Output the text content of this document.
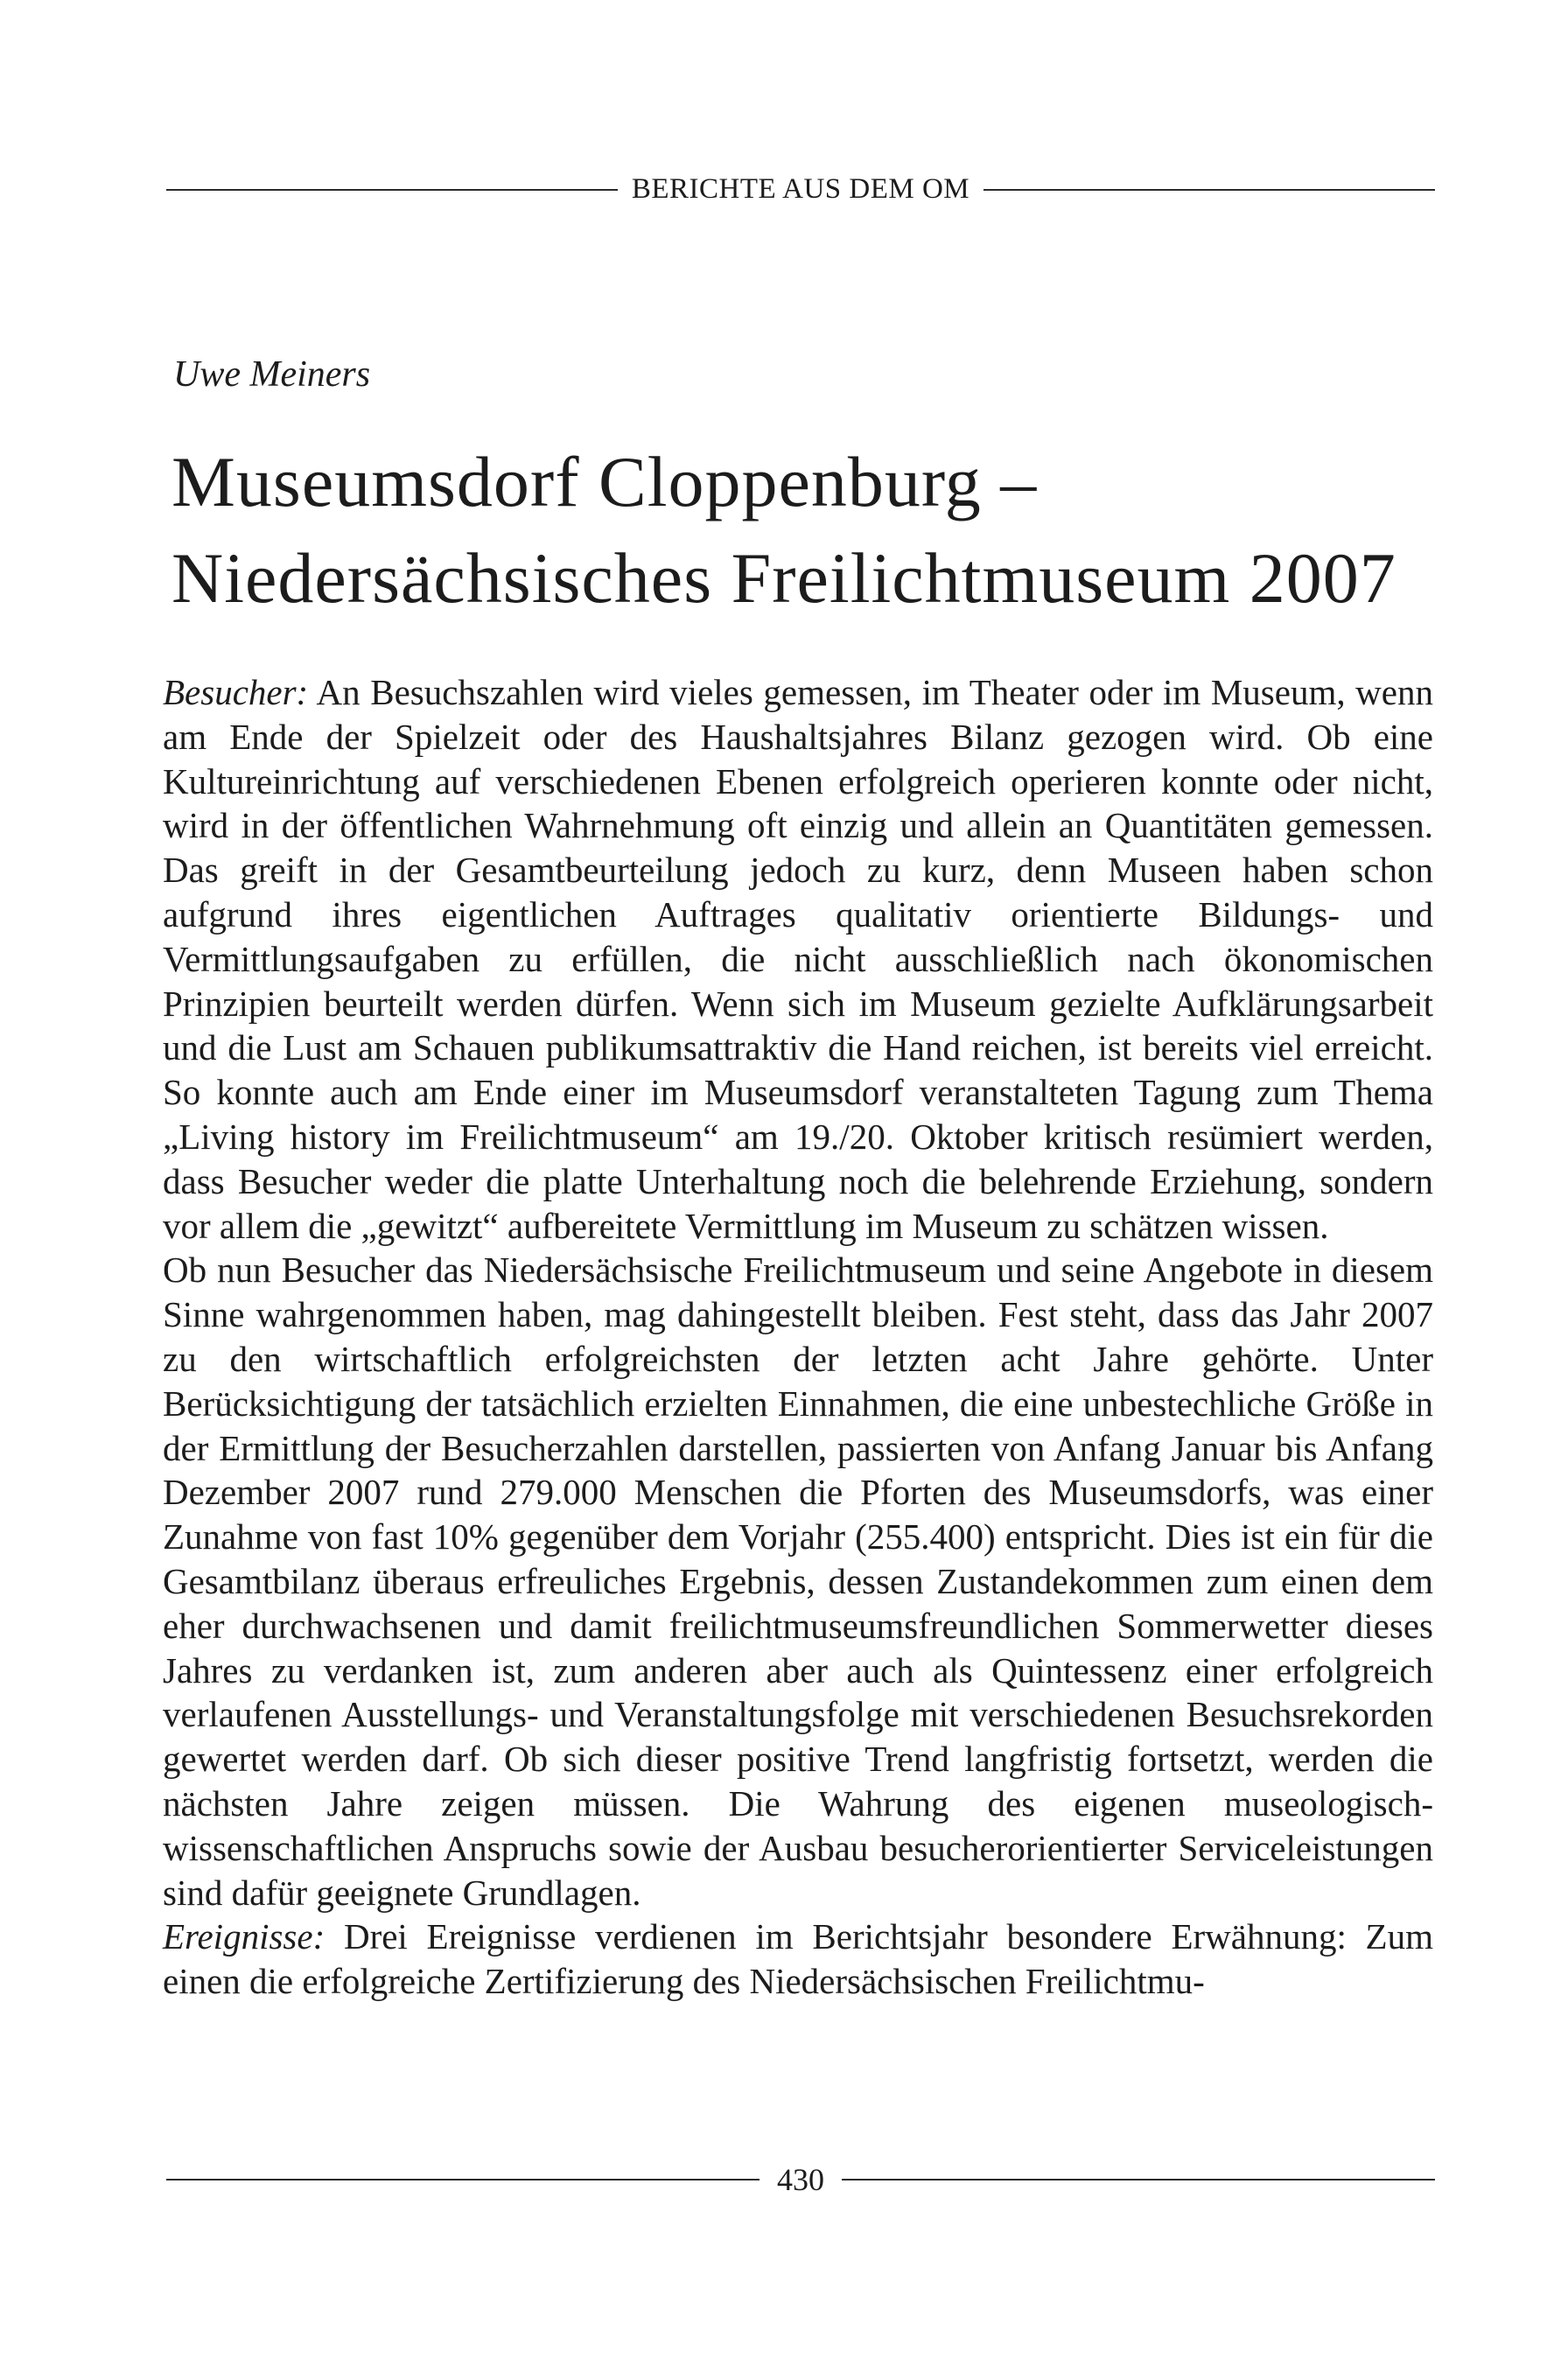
BERICHTE AUS DEM OM
Uwe Meiners
Museumsdorf Cloppenburg –
Niedersächsisches Freilichtmuseum 2007

Besucher: An Besuchszahlen wird vieles gemessen, im Theater oder im Museum, wenn am Ende der Spielzeit oder des Haushaltsjahres Bilanz gezogen wird. Ob eine Kultureinrichtung auf verschiedenen Ebenen erfolgreich operieren konnte oder nicht, wird in der öffentlichen Wahrnehmung oft einzig und allein an Quantitäten gemessen. Das greift in der Gesamtbeurteilung jedoch zu kurz, denn Museen haben schon aufgrund ihres eigentlichen Auftrages qualitativ orientierte Bildungs- und Vermittlungsaufgaben zu erfüllen, die nicht ausschließlich nach ökonomischen Prinzipien beurteilt werden dürfen. Wenn sich im Museum gezielte Aufklärungsarbeit und die Lust am Schauen publikumsattraktiv die Hand reichen, ist bereits viel erreicht. So konnte auch am Ende einer im Museumsdorf veranstalteten Tagung zum Thema „Living history im Freilichtmuseum“ am 19./20. Oktober kritisch resümiert werden, dass Besucher weder die platte Unterhaltung noch die belehrende Erziehung, sondern vor allem die „gewitzt“ aufbereitete Vermittlung im Museum zu schätzen wissen.

Ob nun Besucher das Niedersächsische Freilichtmuseum und seine Angebote in diesem Sinne wahrgenommen haben, mag dahingestellt bleiben. Fest steht, dass das Jahr 2007 zu den wirtschaftlich erfolgreichsten der letzten acht Jahre gehörte. Unter Berücksichtigung der tatsächlich erzielten Einnahmen, die eine unbestechliche Größe in der Ermittlung der Besucherzahlen darstellen, passierten von Anfang Januar bis Anfang Dezember 2007 rund 279.000 Menschen die Pforten des Museumsdorfs, was einer Zunahme von fast 10% gegenüber dem Vorjahr (255.400) entspricht. Dies ist ein für die Gesamtbilanz überaus erfreuliches Ergebnis, dessen Zustandekommen zum einen dem eher durchwachsenen und damit freilichtmuseumsfreundlichen Sommerwetter dieses Jahres zu verdanken ist, zum anderen aber auch als Quintessenz einer erfolgreich verlaufenen Ausstellungs- und Veranstaltungsfolge mit verschiedenen Besuchsrekorden gewertet werden darf. Ob sich dieser positive Trend langfristig fortsetzt, werden die nächsten Jahre zeigen müssen. Die Wahrung des eigenen museologisch-wissenschaftlichen Anspruchs sowie der Ausbau besucherorientierter Serviceleistungen sind dafür geeignete Grundlagen.

Ereignisse: Drei Ereignisse verdienen im Berichtsjahr besondere Erwähnung: Zum einen die erfolgreiche Zertifizierung des Niedersächsischen Freilichtmu-

430
